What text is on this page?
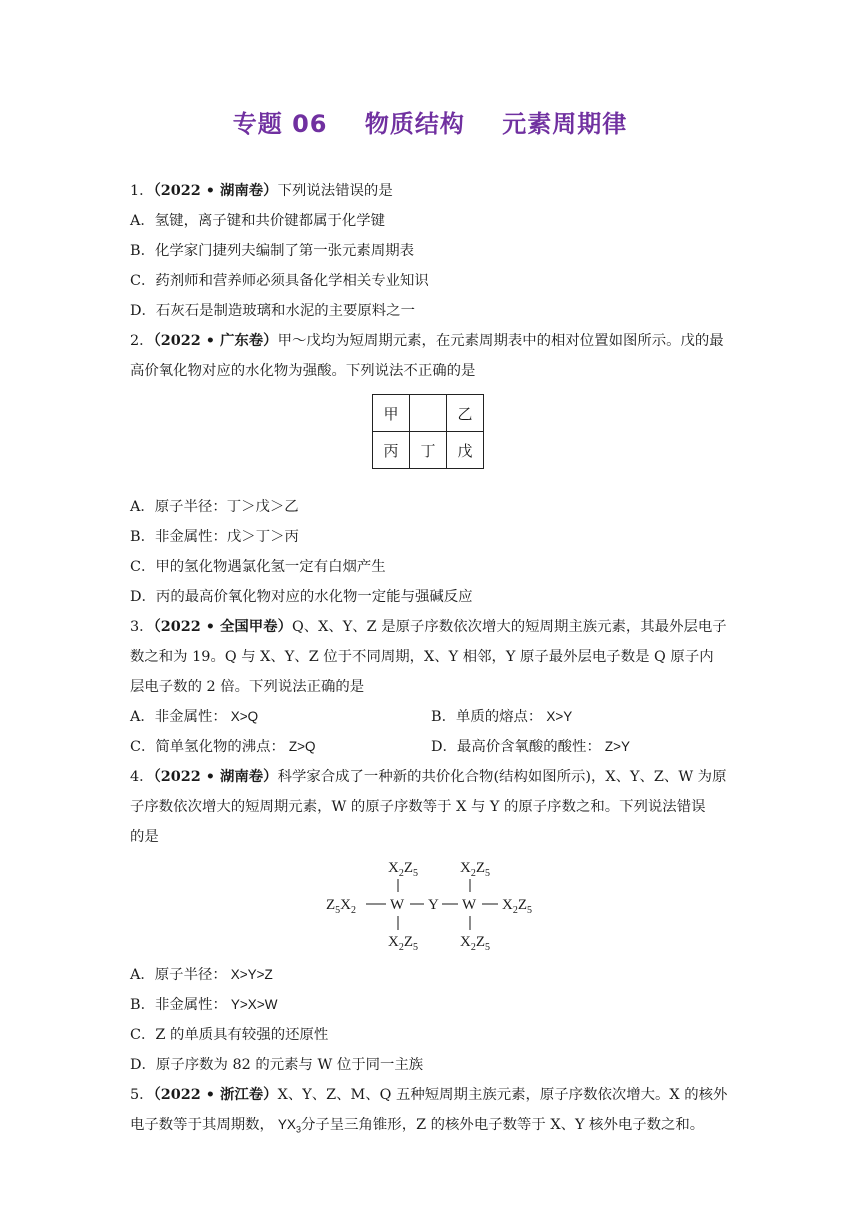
专题 06 物质结构 元素周期律
1．（2022 • 湖南卷）下列说法错误的是
A．氢键，离子键和共价键都属于化学键
B．化学家门捷列夫编制了第一张元素周期表
C．药剂师和营养师必须具备化学相关专业知识
D．石灰石是制造玻璃和水泥的主要原料之一
2．（2022 • 广东卷）甲～戊均为短周期元素，在元素周期表中的相对位置如图所示。戊的最
高价氧化物对应的水化物为强酸。下列说法不正确的是
甲		乙
丙	丁	戊
A．原子半径：丁＞戊＞乙
B．非金属性：戊＞丁＞丙
C．甲的氢化物遇氯化氢一定有白烟产生
D．丙的最高价氧化物对应的水化物一定能与强碱反应
3．（2022 • 全国甲卷）Q、X、Y、Z 是原子序数依次增大的短周期主族元素，其最外层电子
数之和为 19。Q 与 X、Y、Z 位于不同周期，X、Y 相邻，Y 原子最外层电子数是 Q 原子内
层电子数的 2 倍。下列说法正确的是
A．非金属性： X>Q	B．单质的熔点： X>Y
C．简单氢化物的沸点： Z>Q	D．最高价含氧酸的酸性： Z>Y
4．（2022 • 湖南卷）科学家合成了一种新的共价化合物(结构如图所示)，X、Y、Z、W 为原
子序数依次增大的短周期元素，W 的原子序数等于 X 与 Y 的原子序数之和。下列说法错误
的是
$X_2Z_5$	$X_2Z_5$
$Z_5X_2$ W Y W $X_2Z_5$
$X_2Z_5$	$X_2Z_5$
A．原子半径： X>Y>Z
B．非金属性： Y>X>W
C．Z 的单质具有较强的还原性
D．原子序数为 82 的元素与 W 位于同一主族
5．（2022 • 浙江卷）X、Y、Z、M、Q 五种短周期主族元素，原子序数依次增大。X 的核外
电子数等于其周期数， $YX_3$分子呈三角锥形，Z 的核外电子数等于 X、Y 核外电子数之和。
